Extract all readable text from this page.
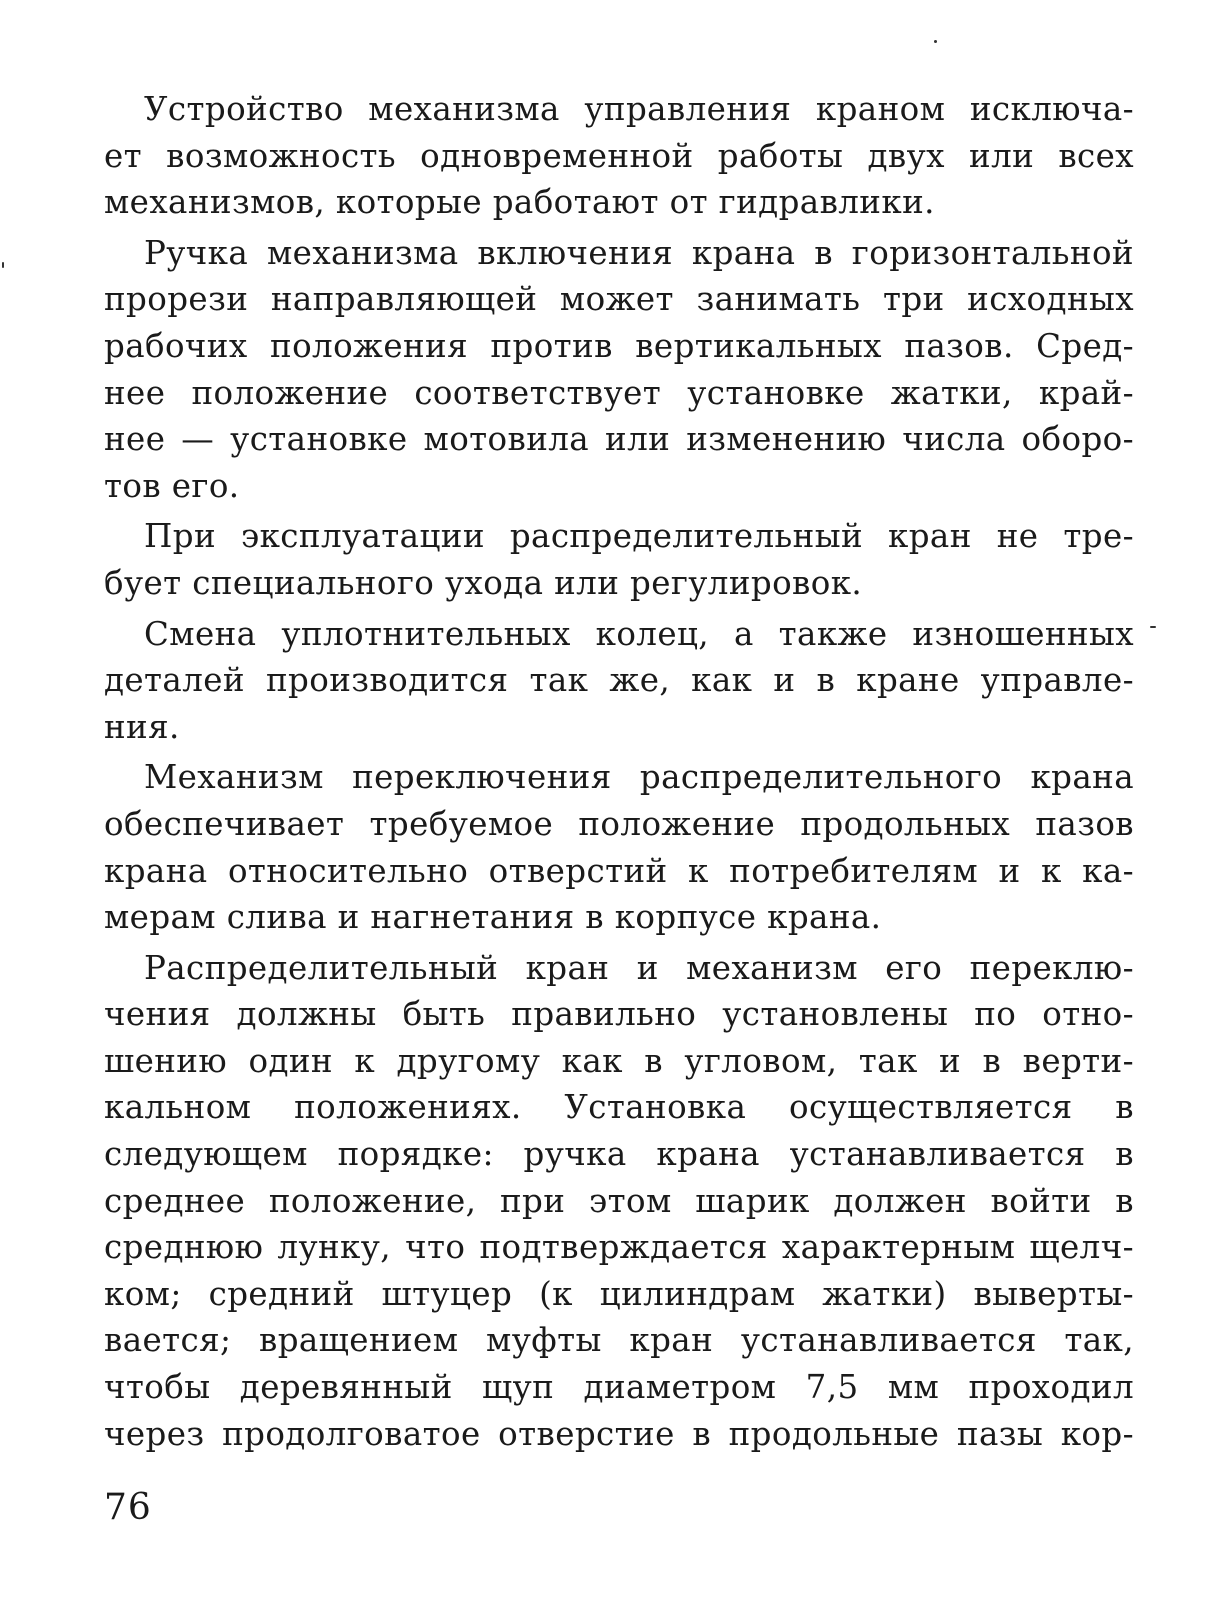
Устройство механизма управления краном исключа-
ет возможность одновременной работы двух или всех
механизмов, которые работают от гидравлики.
Ручка механизма включения крана в горизонтальной
прорези направляющей может занимать три исходных
рабочих положения против вертикальных пазов. Сред-
нее положение соответствует установке жатки, край-
нее — установке мотовила или изменению числа оборо-
тов его.
При эксплуатации распределительный кран не тре-
бует специального ухода или регулировок.
Смена уплотнительных колец, а также изношенных
деталей производится так же, как и в кране управле-
ния.
Механизм переключения распределительного крана
обеспечивает требуемое положение продольных пазов
крана относительно отверстий к потребителям и к ка-
мерам слива и нагнетания в корпусе крана.
Распределительный кран и механизм его переклю-
чения должны быть правильно установлены по отно-
шению один к другому как в угловом, так и в верти-
кальном положениях. Установка осуществляется в
следующем порядке: ручка крана устанавливается в
среднее положение, при этом шарик должен войти в
среднюю лунку, что подтверждается характерным щелч-
ком; средний штуцер (к цилиндрам жатки) выверты-
вается; вращением муфты кран устанавливается так,
чтобы деревянный щуп диаметром 7,5 мм проходил
через продолговатое отверстие в продольные пазы кор-
76
